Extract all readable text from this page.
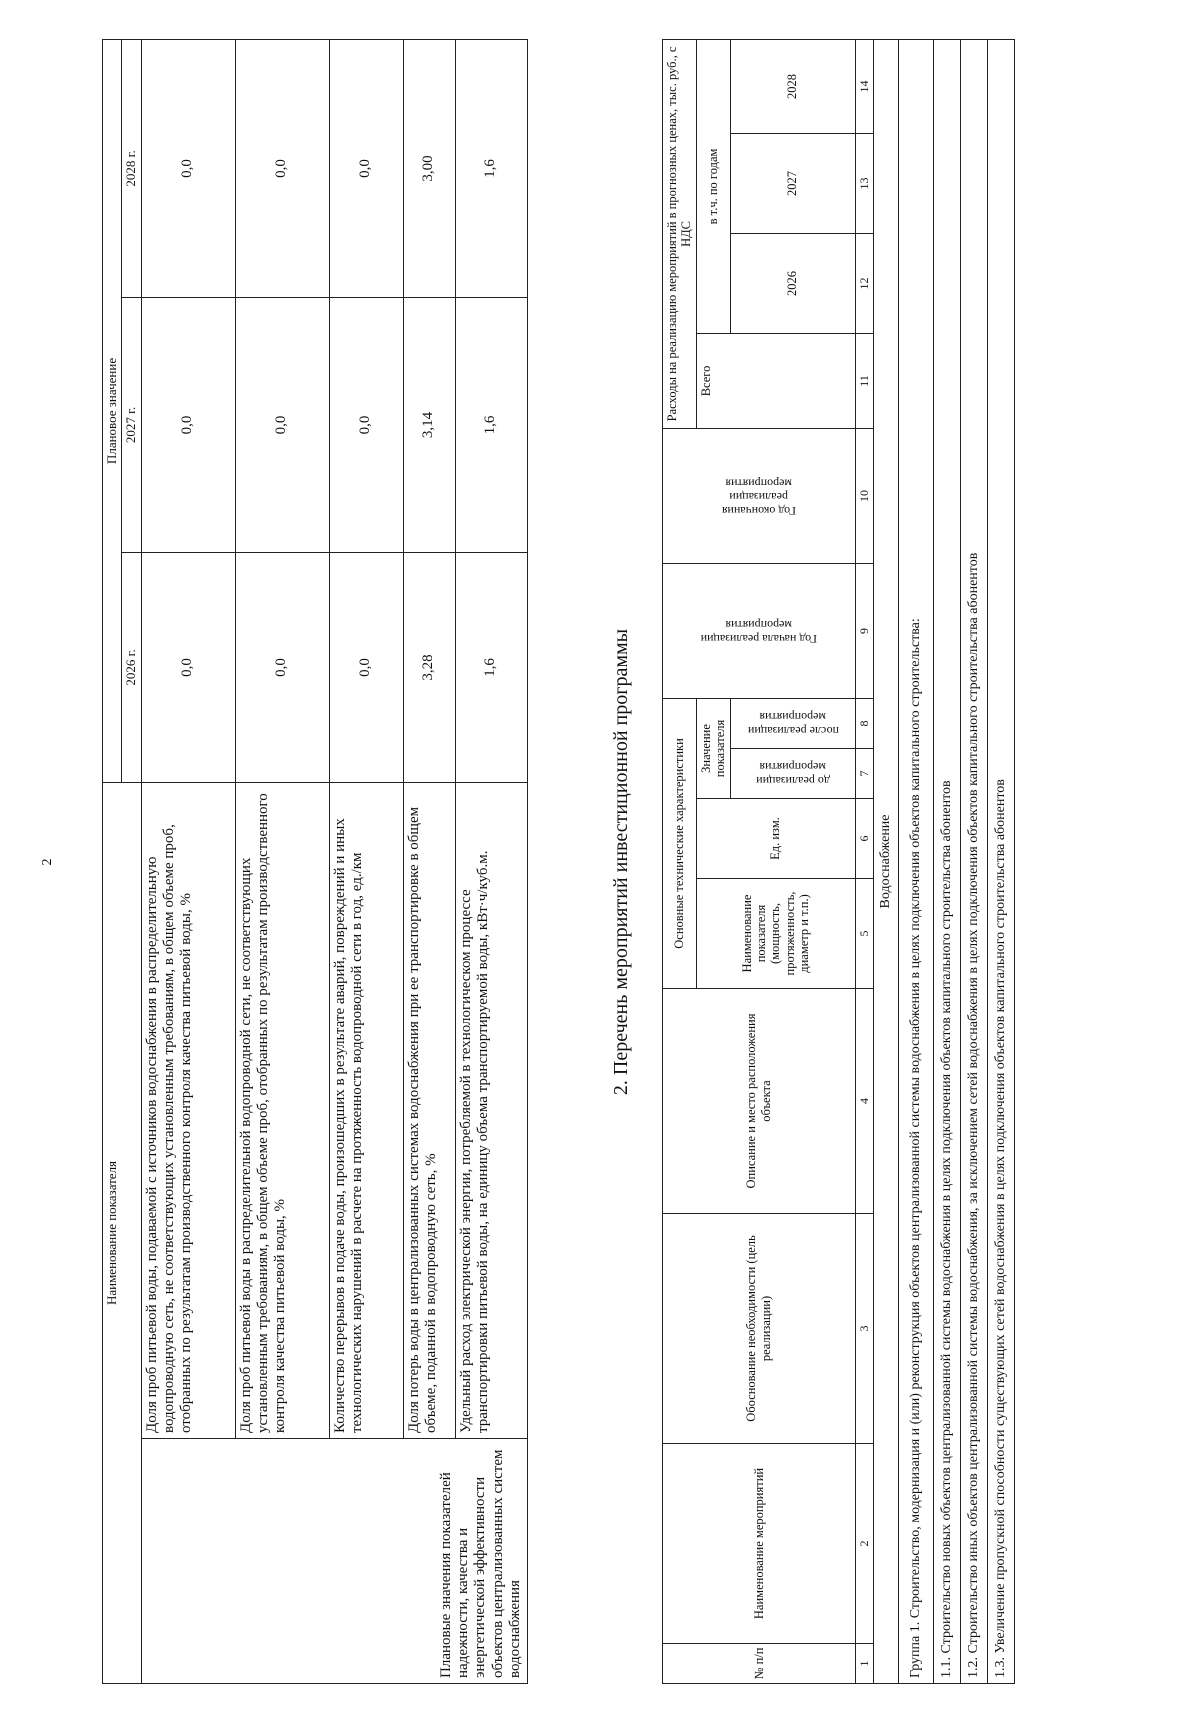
2
Наименование показателя		Плановое значение		
		2026 г.	2027 г.	2028 г.
Плановые значения показателей надежности, качества и энергетической эффективности объектов централизованных систем водоснабжения	Доля проб питьевой воды, подаваемой с источников водоснабжения в распределительную водопроводную сеть, не соответствующих установленным требованиям, в общем объеме проб, отобранных по результатам производственного контроля качества питьевой воды, %	0,0	0,0	0,0
	Доля проб питьевой воды в распределительной водопроводной сети, не соответствующих установленным требованиям, в общем объеме проб, отобранных по результатам производственного контроля качества питьевой воды, %	0,0	0,0	0,0
	Количество перерывов в подаче воды, произошедших в результате аварий, повреждений и иных технологических нарушений в расчете на протяженность водопроводной сети в год, ед./км	0,0	0,0	0,0
	Доля потерь воды в централизованных системах водоснабжения при ее транспортировке в общем объеме, поданной в водопроводную сеть, %	3,28	3,14	3,00
	Удельный расход электрической энергии, потребляемой в технологическом процессе транспортировки питьевой воды, на единицу объема транспортируемой воды, кВт·ч/куб.м.	1,6	1,6	1,6
2. Перечень мероприятий инвестиционной программы
№ п/п	Наименование мероприятий	Обоснование необходимости (цель реализации)	Описание и место расположения объекта	Основные технические характеристики				Год начала реализации мероприятия	Год окончания реализации мероприятия	Расходы на реализацию мероприятий в прогнозных ценах, тыс. руб., с НДС			
				Наименование показателя (мощность, протяженность, диаметр и т.п.)	Ед. изм.	Значение показателя				Всего	в т.ч. по годам		

						до реализации мероприятия	после реализации мероприятия				2026	2027	2028
1	2	3	4	5	6	7	8	9	10	11	12	13	14
Водоснабжение													
Группа 1. Строительство, модернизация и (или) реконструкция объектов централизованной системы водоснабжения в целях подключения объектов капитального строительства:													
1.1. Строительство новых объектов централизованной системы водоснабжения в целях подключения объектов капитального строительства абонентов													
1.2. Строительство иных объектов централизованной системы водоснабжения, за исключением сетей водоснабжения в целях подключения объектов капитального строительства абонентов													
1.3. Увеличение пропускной способности существующих сетей водоснабжения в целях подключения объектов капитального строительства абонентов													
